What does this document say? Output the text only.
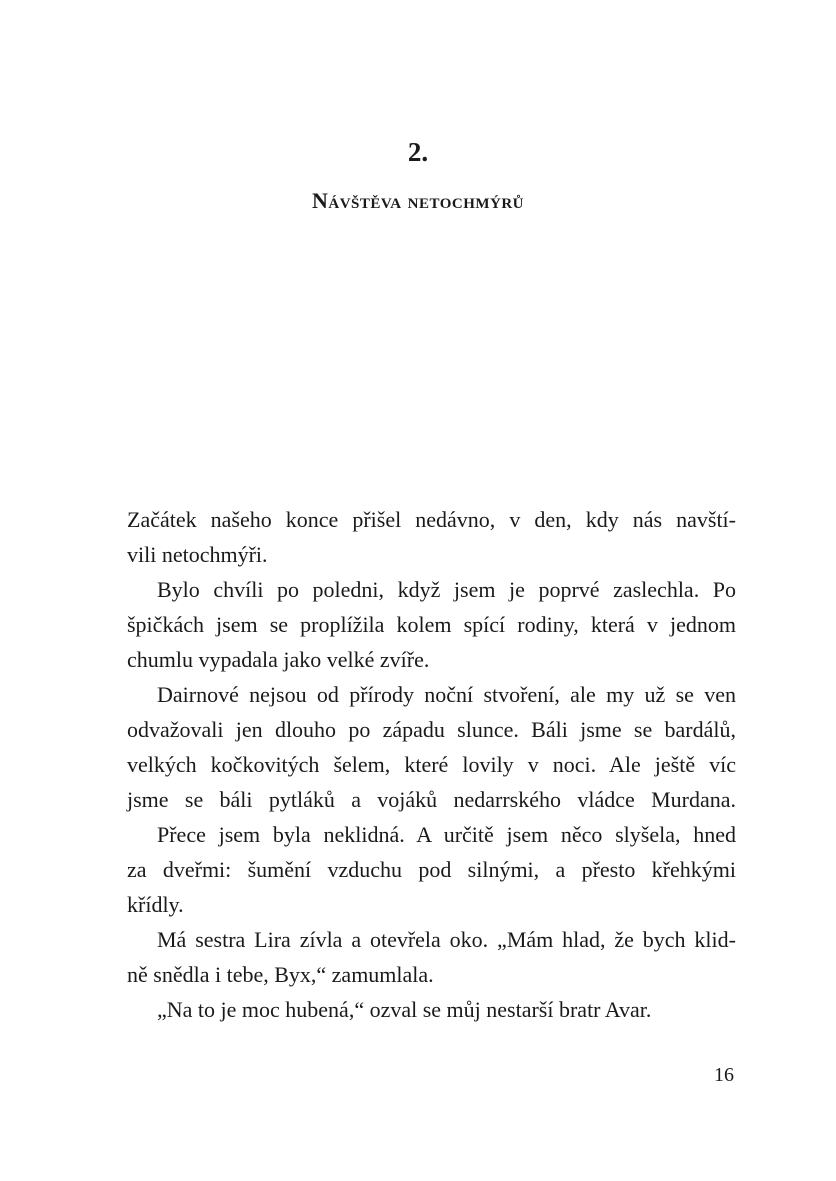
2.
Návštěva netochmýrů
Začátek našeho konce přišel nedávno, v den, kdy nás navští-
vili netochmýři.
Bylo chvíli po poledni, když jsem je poprvé zaslechla. Po
špičkách jsem se proplížila kolem spící rodiny, která v jednom
chumlu vypadala jako velké zvíře.
Dairnové nejsou od přírody noční stvoření, ale my už se ven
odvažovali jen dlouho po západu slunce. Báli jsme se bardálů,
velkých kočkovitých šelem, které lovily v noci. Ale ještě víc
jsme se báli pytláků a vojáků nedarrského vládce Murdana.
Přece jsem byla neklidná. A určitě jsem něco slyšela, hned
za dveřmi: šumění vzduchu pod silnými, a přesto křehkými
křídly.
Má sestra Lira zívla a otevřela oko. „Mám hlad, že bych klid-
ně snědla i tebe, Byx,“ zamumlala.
„Na to je moc hubená,“ ozval se můj nestarší bratr Avar.
16
